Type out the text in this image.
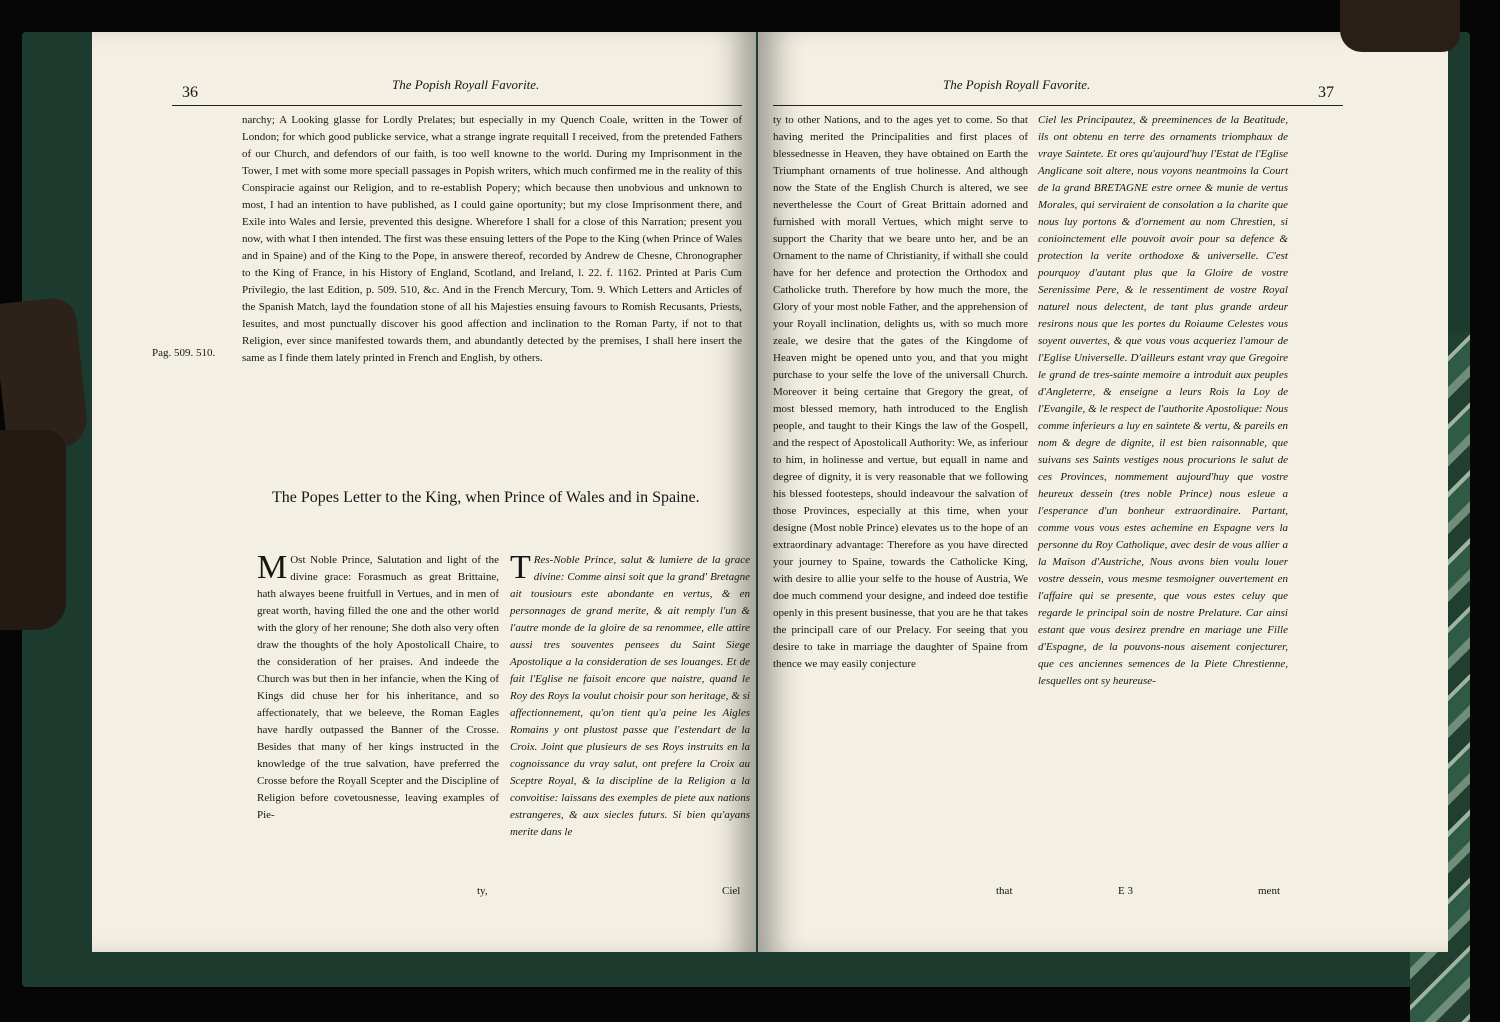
36	The Popish Royall Favorite.
Pag. 509. 510.

narchy; A Looking glasse for Lordly Prelates; but especially in my Quench Coale, written in the Tower of London; for which good publicke service, what a strange ingrate requitall I received, from the pretended Fathers of our Church, and defendors of our faith, is too well knowne to the world. During my Imprisonment in the Tower, I met with some more speciall passages in Popish writers, which much confirmed me in the reality of this Conspiracie against our Religion, and to re-establish Popery; which because then unobvious and unknown to most, I had an intention to have published, as I could gaine oportunity; but my close Imprisonment there, and Exile into Wales and Iersie, prevented this designe. Wherefore I shall for a close of this Narration; present you now, with what I then intended. The first was these ensuing letters of the Pope to the King (when Prince of Wales and in Spaine) and of the King to the Pope, in answere thereof, recorded by Andrew de Chesne, Chronographer to the King of France, in his History of England, Scotland, and Ireland, l. 22. f. 1162. Printed at Paris Cum Privilegio, the last Edition, p. 509. 510, &c. And in the French Mercury, Tom. 9. Which Letters and Articles of the Spanish Match, layd the foundation stone of all his Majesties ensuing favours to Romish Recusants, Priests, Iesuites, and most punctually discover his good affection and inclination to the Roman Party, if not to that Religion, ever since manifested towards them, and abundantly detected by the premises, I shall here insert the same as I finde them lately printed in French and English, by others.

The Popes Letter to the King, when Prince of Wales and in Spaine.
M Ost Noble Prince, Salutation and light of the divine grace: Forasmuch as great Brittaine, hath alwayes beene fruitfull in Vertues, and in men of great worth, having filled the one and the other world with the glory of her renoune; She doth also very often draw the thoughts of the holy Apostolicall Chaire, to the consideration of her praises. And indeede the Church was but then in her infancie, when the King of Kings did chuse her for his inheritance, and so affectionately, that we beleeve, the Roman Eagles have hardly outpassed the Banner of the Crosse. Besides that many of her kings instructed in the knowledge of the true salvation, have preferred the Crosse before the Royall Scepter and the Discipline of Religion before covetousnesse, leaving examples of Pie-
T Res-Noble Prince, salut & lumiere de la grace divine: Comme ainsi soit que la grand' Bretagne ait tousiours este abondante en vertus, & en personnages de grand merite, & ait remply l'un & l'autre monde de la gloire de sa renommee, elle attire aussi tres souventes pensees du Saint Siege Apostolique a la consideration de ses louanges. Et de fait l'Eglise ne faisoit encore que naistre, quand le Roy des Roys la voulut choisir pour son heritage, & si affectionnement, qu'on tient qu'a peine les Aigles Romains y ont plustost passe que l'estendart de la Croix. Joint que plusieurs de ses Roys instruits en la cognoissance du vray salut, ont prefere la Croix au Sceptre Royal, & la discipline de la Religion a la convoitise: laissans des exemples de piete aux nations estrangeres, & aux siecles futurs. Si bien qu'ayans merite dans le
ty,	Ciel
The Popish Royall Favorite.	37

ty to other Nations, and to the ages yet to come. So that having merited the Principalities and first places of blessednesse in Heaven, they have obtained on Earth the Triumphant ornaments of true holinesse. And although now the State of the English Church is altered, we see neverthelesse the Court of Great Brittain adorned and furnished with morall Vertues, which might serve to support the Charity that we beare unto her, and be an Ornament to the name of Christianity, if withall she could have for her defence and protection the Orthodox and Catholicke truth. Therefore by how much the more, the Glory of your most noble Father, and the apprehension of your Royall inclination, delights us, with so much more zeale, we desire that the gates of the Kingdome of Heaven might be opened unto you, and that you might purchase to your selfe the love of the universall Church. Moreover it being certaine that Gregory the great, of most blessed memory, hath introduced to the English people, and taught to their Kings the law of the Gospell, and the respect of Apostolicall Authority: We, as inferiour to him, in holinesse and vertue, but equall in name and degree of dignity, it is very reasonable that we following his blessed footesteps, should indeavour the salvation of those Provinces, especially at this time, when your designe (Most noble Prince) elevates us to the hope of an extraordinary advantage: Therefore as you have directed your journey to Spaine, towards the Catholicke King, with desire to allie your selfe to the house of Austria, We doe much commend your designe, and indeed doe testifie openly in this present businesse, that you are he that takes the principall care of our Prelacy. For seeing that you desire to take in marriage the daughter of Spaine from thence we may easily conjecture

Ciel les Principautez, & preeminences de la Beatitude, ils ont obtenu en terre des ornaments triomphaux de vraye Saintete. Et ores qu'aujourd'huy l'Estat de l'Eglise Anglicane soit altere, nous voyons neantmoins la Court de la grand BRETAGNE estre ornee & munie de vertus Morales, qui serviraient de consolation a la charite que nous luy portons & d'ornement au nom Chrestien, si conioinctement elle pouvoit avoir pour sa defence & protection la verite orthodoxe & universelle. C'est pourquoy d'autant plus que la Gloire de vostre Serenissime Pere, & le ressentiment de vostre Royal naturel nous delectent, de tant plus grande ardeur resirons nous que les portes du Roiaume Celestes vous soyent ouvertes, & que vous vous acqueriez l'amour de l'Eglise Universelle. D'ailleurs estant vray que Gregoire le grand de tres-sainte memoire a introduit aux peuples d'Angleterre, & enseigne a leurs Rois la Loy de l'Evangile, & le respect de l'authorite Apostolique: Nous comme inferieurs a luy en saintete & vertu, & pareils en nom & degre de dignite, il est bien raisonnable, que suivans ses Saints vestiges nous procurions le salut de ces Provinces, nommement aujourd'huy que vostre heureux dessein (tres noble Prince) nous esleue a l'esperance d'un bonheur extraordinaire. Partant, comme vous vous estes achemine en Espagne vers la personne du Roy Catholique, avec desir de vous allier a la Maison d'Austriche, Nous avons bien voulu louer vostre dessein, vous mesme tesmoigner ouvertement en l'affaire qui se presente, que vous estes celuy que regarde le principal soin de nostre Prelature. Car ainsi estant que vous desirez prendre en mariage une Fille d'Espagne, de la pouvons-nous aisement conjecturer, que ces anciennes semences de la Piete Chrestienne, lesquelles ont sy heureuse-

that	E 3	ment
